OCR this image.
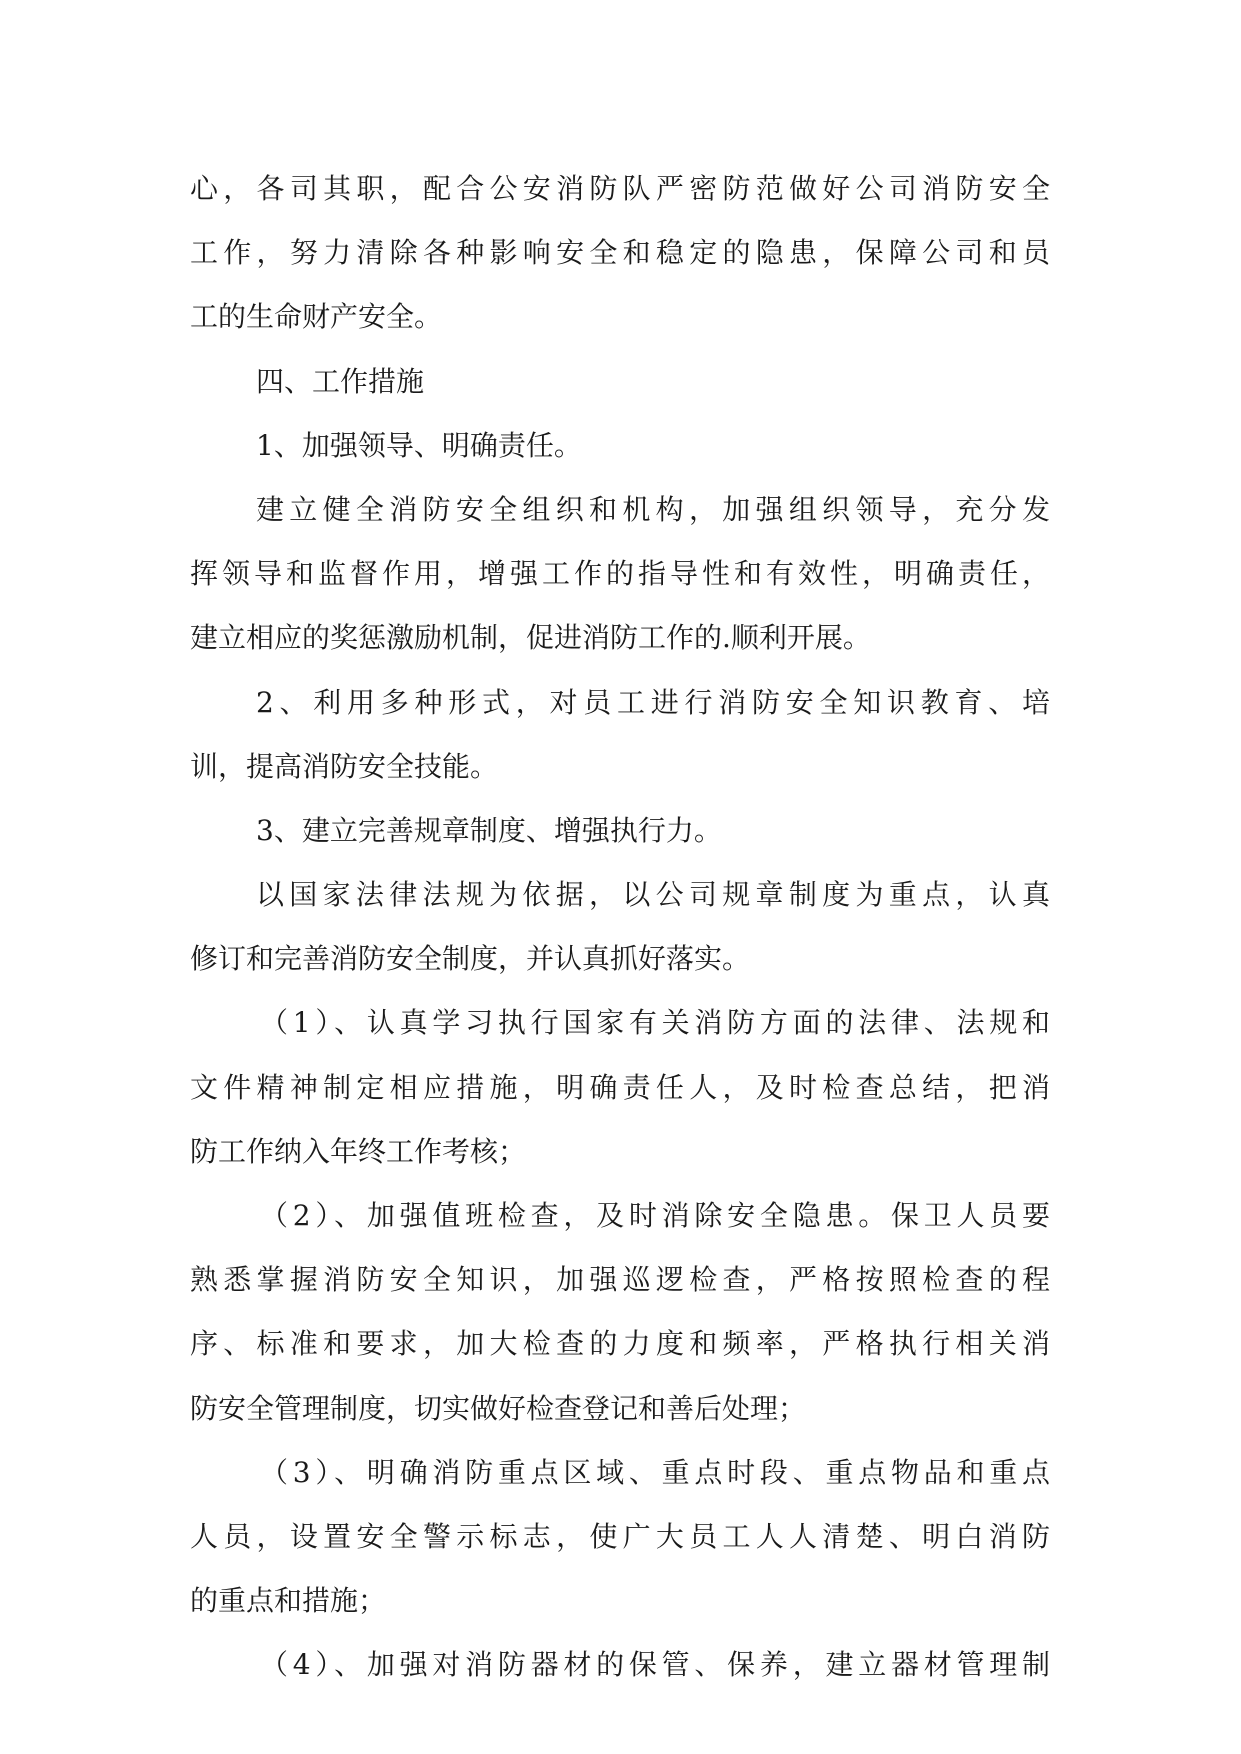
心，各司其职，配合公安消防队严密防范做好公司消防安全
工作，努力清除各种影响安全和稳定的隐患，保障公司和员
工的生命财产安全。
四、工作措施
1、加强领导、明确责任。
建立健全消防安全组织和机构，加强组织领导，充分发
挥领导和监督作用，增强工作的指导性和有效性，明确责任，
建立相应的奖惩激励机制，促进消防工作的.顺利开展。
2、利用多种形式，对员工进行消防安全知识教育、培
训，提高消防安全技能。
3、建立完善规章制度、增强执行力。
以国家法律法规为依据，以公司规章制度为重点，认真
修订和完善消防安全制度，并认真抓好落实。
（1）、认真学习执行国家有关消防方面的法律、法规和
文件精神制定相应措施，明确责任人，及时检查总结，把消
防工作纳入年终工作考核；
（2）、加强值班检查，及时消除安全隐患。保卫人员要
熟悉掌握消防安全知识，加强巡逻检查，严格按照检查的程
序、标准和要求，加大检查的力度和频率，严格执行相关消
防安全管理制度，切实做好检查登记和善后处理；
（3）、明确消防重点区域、重点时段、重点物品和重点
人员，设置安全警示标志，使广大员工人人清楚、明白消防
的重点和措施；
（4）、加强对消防器材的保管、保养，建立器材管理制
